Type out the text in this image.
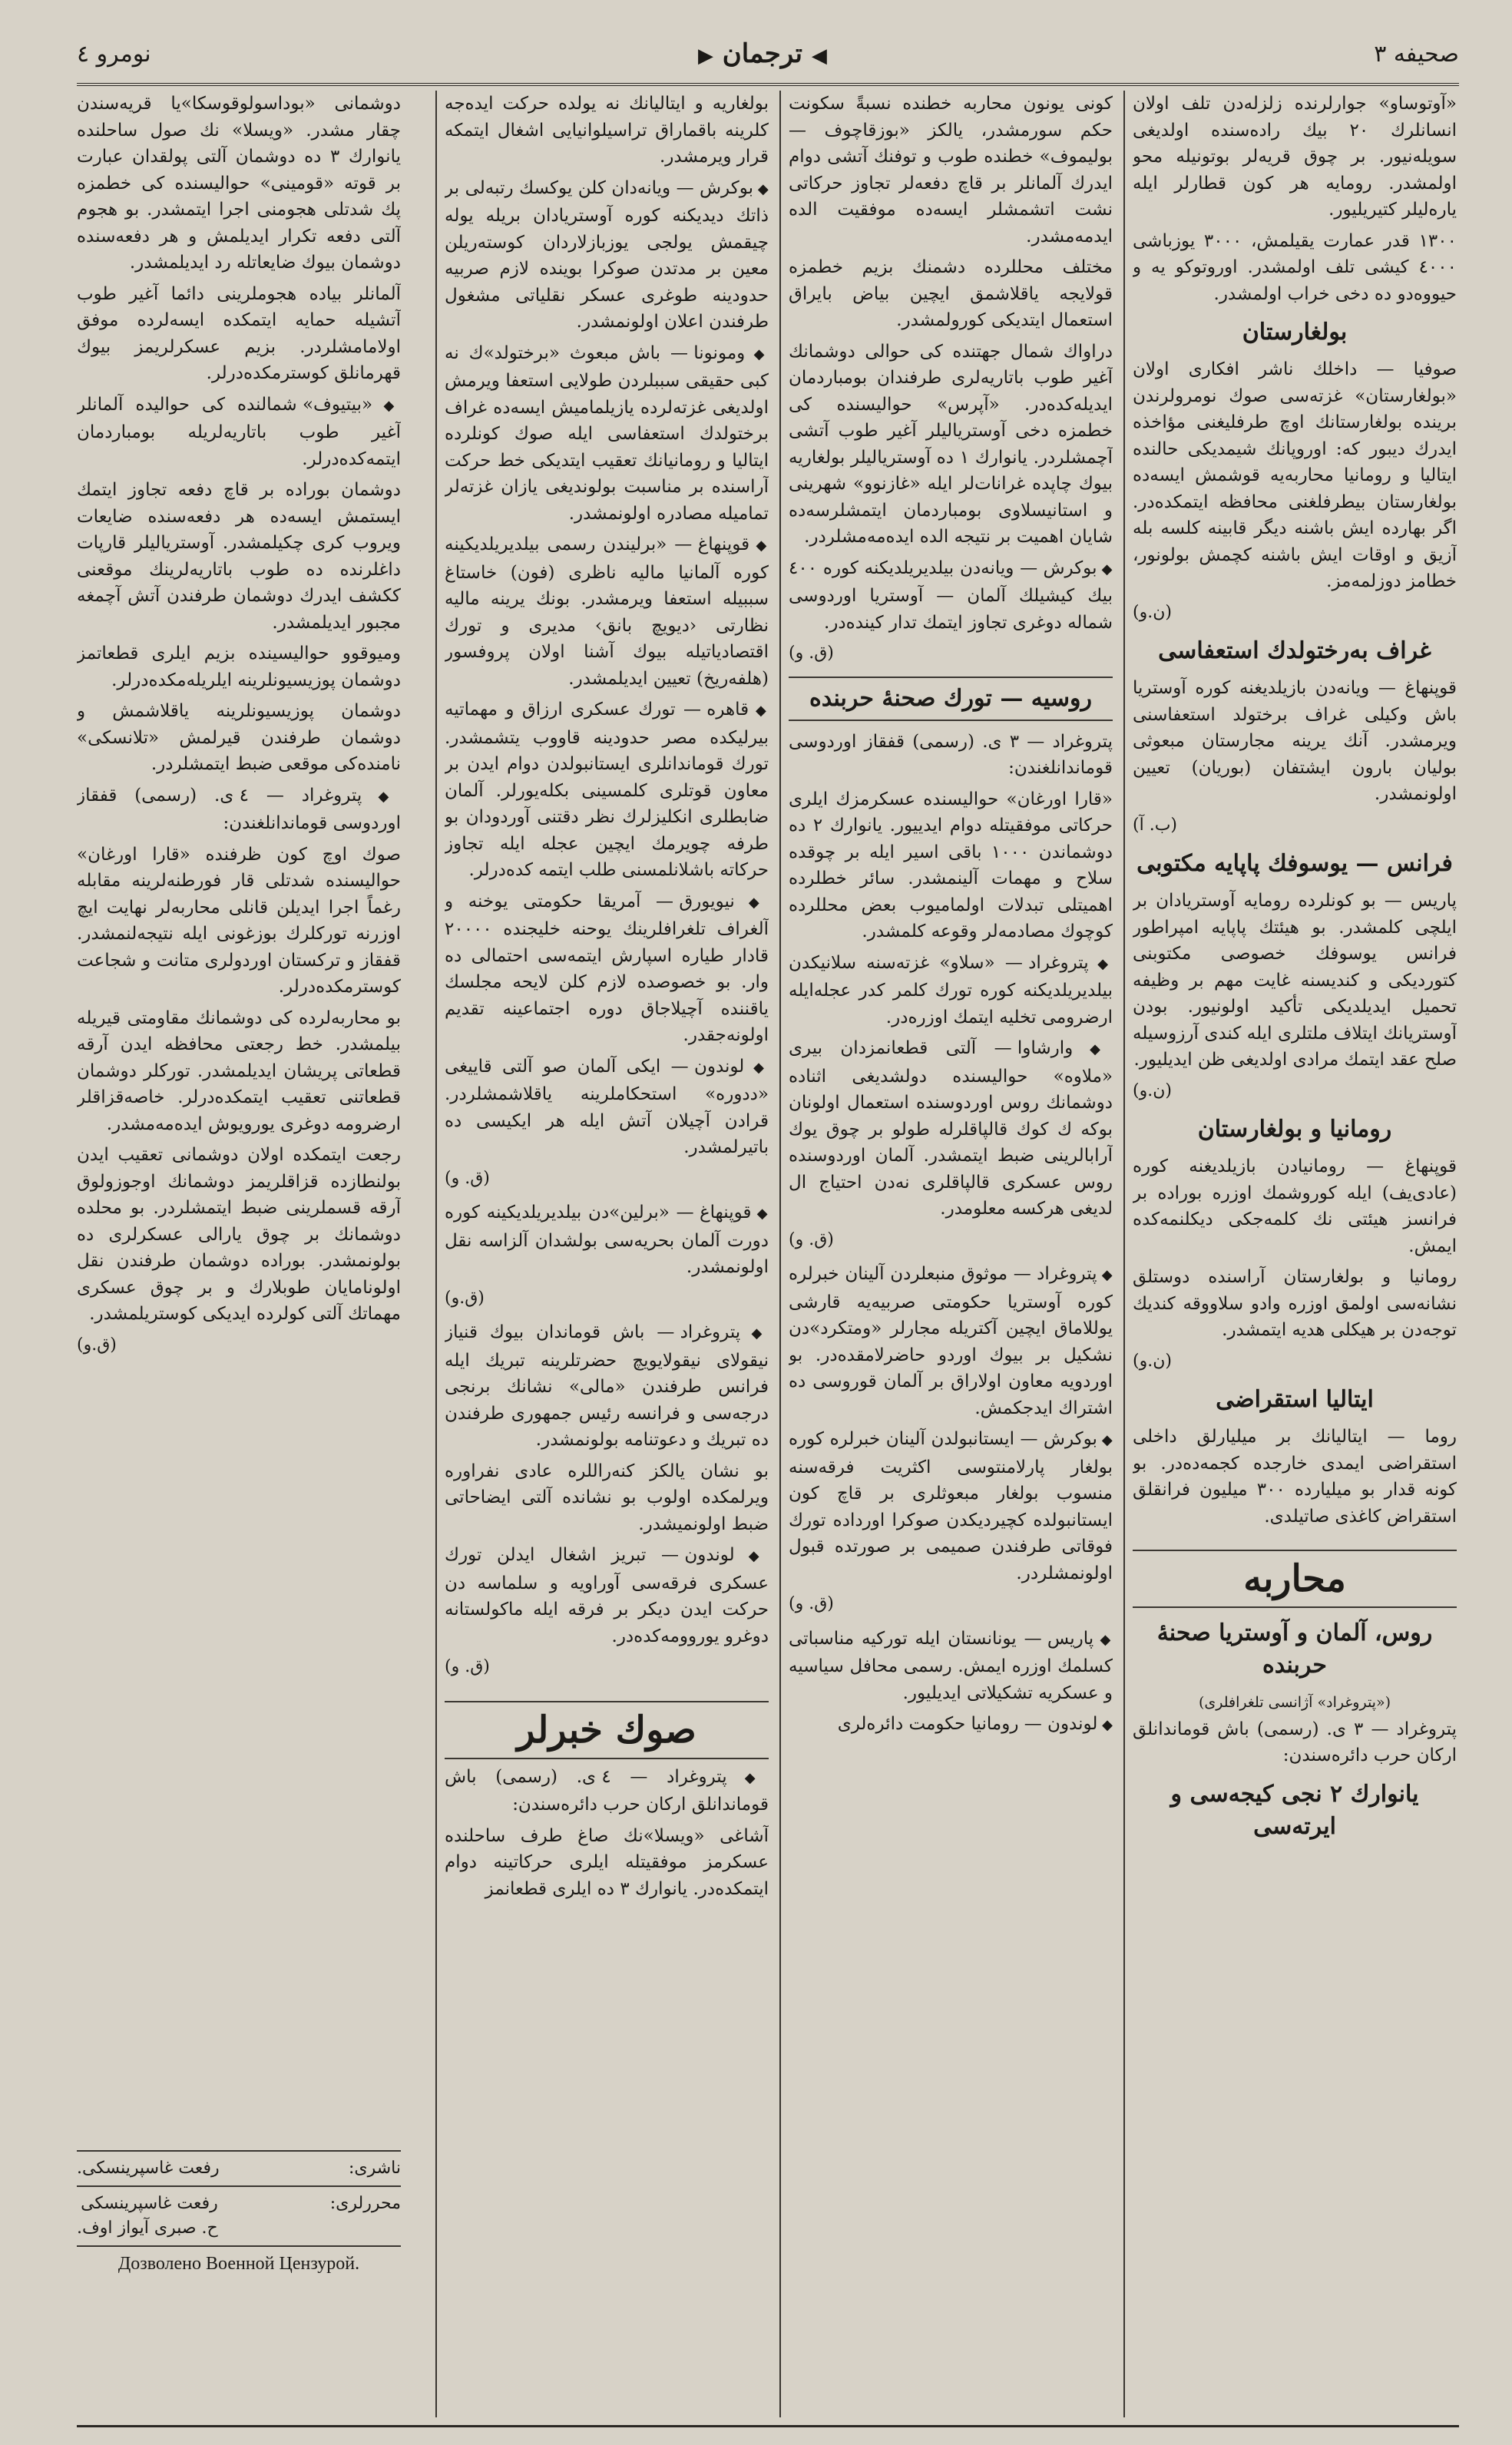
صحیفه ٣
◀ ترجمان ▶
نومرو ٤

«آوتوساو» جوارلرنده زلزله‌دن تلف اولان انسانلرك ٢٠ بیك راده‌سنده اولدیغی سویله‌نیور. بر چوق قریه‌لر بوتونیله محو اولمشدر. رومایه هر کون قطارلر ایله یاره‌لیلر کتیریلیور.

١٣٠٠ قدر عمارت یقیلمش، ٣٠٠٠ یوزباشی ٤٠٠٠ کیشی تلف اولمشدر. اوروتوکو یه و حیووه‌دو ده دخی خراب اولمشدر.

بولغارستان

صوفیا — داخلك ناشر افکاری اولان «بولغارستان» غزته‌سی صوك نومرولرندن برینده بولغارستانك اوچ طرفلیغنی مؤاخذه ایدرك دیبور که: اوروپانك شیمدیکی حالنده ایتالیا و رومانیا محاربه‌یه قوشمش ایسه‌ده بولغارستان بیطرفلغنی محافظه ایتمکده‌در. اگر بهارده ایش باشنه دیگر قابینه کلسه بله آزیق و اوقات ایش باشنه کچمش بولونور، خطامز دوزلمه‌مز.

(ن.و)
غراف بەرختولدك استعفاسی

قوپنهاغ — ویانه‌دن بازیلدیغنه کوره آوستریا باش وکیلی غراف برختولد استعفاسنی ویرمشدر. آنك یرینه مجارستان مبعوثی بولیان بارون ایشتفان (بوریان) تعیین اولونمشدر.

(ب. آ)
فرانس — یوسوفك پاپایه مکتوبی

پاریس — بو کونلرده رومایه آوستریادان بر ایلچی کلمشدر. بو هیئتك پاپایه امپراطور فرانس یوسوفك خصوصی مکتوبنی کتوردیکی و کندیسنه غایت مهم بر وظیفه تحمیل ایدیلدیکی تأکید اولونیور. بودن آوستریانك ایتلاف ملتلری ایله کندی آرزوسیله صلح عقد ایتمك مرادی اولدیغی ظن ایدیلیور.

(ن.و)
رومانیا و بولغارستان

قوپنهاغ — رومانیادن بازیلدیغنه کوره (عادی‌یف) ایله کوروشمك اوزره بوراده بر فرانسز هیئتی نك کلمه‌جکی دیکلنمه‌کده ایمش.

رومانیا و بولغارستان آراسنده دوستلق نشانه‌سی اولمق اوزره وادو سلاووقه کندیك توجه‌دن بر هیکلی هدیه ایتمشدر.

(ن.و)
ایتالیا استقراضی

روما — ایتالیانك بر میلیارلق داخلی استقراضی ایمدی خارجده کجمه‌ده‌در. بو کونه قدار بو میلیارده ٣٠٠ میلیون فرانقلق استقراض کاغذی صاتیلدی.

محاربه
روس، آلمان و آوستریا صحنهٔ حربنده
(«پتروغراد» آژانسی تلغرافلری)

پتروغراد — ٣ ی. (رسمی) باش قوماندانلق ارکان حرب دائره‌سندن:

یانوارك ٢ نجی کیجه‌سی و ایرته‌سی

کونی یونون محاربه خطنده نسبةً سکونت حکم سورمشدر، یالکز «بوزقاچوف — بولیموف» خطنده طوب و توفنك آتشی دوام ایدرك آلمانلر بر قاچ دفعه‌لر تجاوز حرکاتی نشت اتشمشلر ایسه‌ده موفقیت الده ایدمه‌مشدر.

مختلف محللرده دشمنك بزیم خطمزه قولایجه یاقلاشمق ایچین بیاض بایراق استعمال ایتدیکی کورولمشدر.

دراواك شمال جهتنده کی حوالی دوشمانك آغیر طوب باتاریه‌لری طرفندان بومباردمان ایدیله‌کده‌در. «آپرس» حوالیسنده کی خطمزه دخی آوستریالیلر آغیر طوب آتشی آچمشلردر. یانوارك ١ ده آوستریالیلر بولغاریه بیوك چاپده غرانات‌لر ایله «غازنوو» شهرینی و استانیسلاوی بومباردمان ایتمشلرسه‌ده شایان اهمیت بر نتیجه الده ایده‌مه‌مشلردر.

◆ بوکرش — ویانه‌دن بیلدیریلدیکنه کوره ٤٠٠ بیك کیشیلك آلمان — آوستریا اوردوسی شماله دوغری تجاوز ایتمك تدار کینده‌در.

(ق. و)
روسیه — تورك صحنهٔ حربنده

پتروغراد — ٣ ی. (رسمی) قفقاز اوردوسی قوماندانلغندن:

«قارا اورغان» حوالیسنده عسکرمزك ایلری حرکاتی موفقیتله دوام ایدییور. یانوارك ٢ ده دوشماندن ١٠٠٠ باقی اسیر ایله بر چوقده سلاح و مهمات آلینمشدر. سائر خطلرده اهمیتلی تبدلات اولمامیوب بعض محللرده کوچوك مصادمه‌لر وقوعه کلمشدر.

◆ پتروغراد — «سلاو» غزته‌سنه سلانیکدن بیلدیریلدیکنه کوره تورك کلمر کدر عجله‌ایله ارضرومی تخلیه ایتمك اوزره‌در.

◆ وارشاوا — آلتی قطعانمزدان بیری «ملاوه» حوالیسنده دولشدیغی اثناده دوشمانك روس اوردوسنده استعمال اولونان بوکه ك کوك قالپاقلرله طولو بر چوق یوك آرابالرینی ضبط ایتمشدر. آلمان اوردوسنده روس عسکری قالپاقلری نه‌دن احتیاج ال لدیغی هرکسه معلومدر.

(ق. و)

◆ پتروغراد — موثوق منبعلردن آلینان خبرلره کوره آوستریا حکومتی صربیه‌یه قارشی یوللاماق ایچین آکتریله مجارلر «ومتکرد»دن نشکیل بر بیوك اوردو حاضرلامقده‌در. بو اوردویه معاون اولاراق بر آلمان قوروسی ده اشتراك ایدجکمش.

◆ بوکرش — ایستانبولدن آلینان خبرلره کوره بولغار پارلامنتوسی اکثریت فرقه‌سنه منسوب بولغار مبعوثلری بر قاچ کون ایستانبولده کچیردیکدن صوکرا اورداده تورك فوقاتی طرفندن صمیمی بر صورتده قبول اولونمشلردر.

(ق. و)

◆ پاریس — یونانستان ایله تورکیه مناسباتی کسلمك اوزره ایمش. رسمی محافل سیاسیه و عسکریه تشکیلاتی ایدیلیور.

◆ لوندون — رومانیا حکومت دائره‌لری

بولغاریه و ایتالیانك نه یولده حرکت ایده‌جه کلرینه باقماراق تراسیلوانیایی اشغال ایتمکه قرار ویرمشدر.

◆ بوکرش — ویانه‌دان کلن یوکسك رتبه‌لی بر ذاتك دیدیکنه کوره آوستریادان بریله یوله چیقمش یولجی یوزبازلاردان کوسته‌ریلن معین بر مدتدن صوکرا بوینده لازم صربیه حدودینه طوغری عسکر نقلیاتی مشغول طرفندن اعلان اولونمشدر.

◆ ومونونا — باش مبعوث «برختولد»ك نه کبی حقیقی سببلردن طولایی استعفا ویرمش اولدیغی غزته‌لرده یازیلمامیش ایسه‌ده غراف برختولدك استعفاسی ایله صوك کونلرده ایتالیا و رومانیانك تعقیب ایتدیکی خط حرکت آراسنده بر مناسبت بولوندیغی یازان غزته‌لر تمامیله مصادره اولونمشدر.

◆ قوپنهاغ — «برلیندن رسمی بیلدیریلدیکینه کوره آلمانیا مالیه ناظری (فون) خاستاغ سببیله استعفا ویرمشدر. بونك یرینه مالیه نظارتی ‹دیویچ بانق› مدیری و تورك اقتصادیاتیله بیوك آشنا اولان پروفسور (هلفه‌ریخ) تعیین ایدیلمشدر.

◆ قاهره — تورك عسکری ارزاق و مهماتیه بیرلیکده مصر حدودینه قاووب یتشمشدر. تورك قوماندانلری ایستانبولدن دوام ایدن بر معاون قوتلری کلمسینی بکله‌یورلر. آلمان ضابطلری انکلیزلرك نظر دقتنی آوردودان بو طرفه چویرمك ایچین عجله ایله تجاوز حرکاته باشلانلمسنی طلب ایتمه کده‌درلر.

◆ نیویورق — آمریقا حکومتی یوخنه و آلغراف تلغرافلرینك یوحنه خلیجنده ٢٠٠٠٠ قادار طیاره اسپارش ایتمه‌سی احتمالی ده وار. بو خصوصده لازم کلن لایحه مجلسك یاقننده آچیلاجاق دوره اجتماعینه تقدیم اولونه‌جقدر.

◆ لوندون — ایکی آلمان صو آلتی قاییغی «ددوره» استحکاملرینه یاقلاشمشلردر. قرادن آچیلان آتش ایله هر ایکیسی ده باتیرلمشدر.

(ق. و)

◆ قوپنهاغ — «برلین»دن بیلدیریلدیکینه کوره دورت آلمان بحریه‌سی بولشدان آلزاسه نقل اولونمشدر.

(ق.و)

◆ پتروغراد — باش قوماندان بیوك قنیاز نیقولای نیقولایویچ حضرتلرینه تبریك ایله فرانس طرفندن «مالی» نشانك برنجی درجه‌سی و فرانسه رئیس جمهوری طرفندن ده تبریك و دعوتنامه بولونمشدر.

بو نشان یالکز کنه‌راللره عادی نفراوره ویرلمکده اولوب بو نشانده آلتی ایضاحاتی ضبط اولونمیشدر.

◆ لوندون — تبریز اشغال ایدلن تورك عسکری فرقه‌سی آوراویه و سلماسه دن حرکت ایدن دیکر بر فرقه ایله ماکولستانه دوغرو یوروومه‌کده‌در.

(ق. و)
صوك خبرلر

◆ پتروغراد — ٤ ی. (رسمی) باش قوماندانلق ارکان حرب دائره‌سندن:

آشاغی «ویسلا»نك صاغ طرف ساحلنده عسکرمز موفقیتله ایلری حرکاتینه دوام ایتمکده‌در. یانوارك ٣ ده ایلری قطعانمز

دوشمانی «بوداسولوقوسکا»یا قریه‌سندن چقار مشدر. «ویسلا» نك صول ساحلنده یانوارك ٣ ده دوشمان آلتی پولقدان عبارت بر قوته «قومینی» حوالیسنده کی خطمزه پك شدتلی هجومنی اجرا ایتمشدر. بو هجوم آلتی دفعه تکرار ایدیلمش و هر دفعه‌سنده دوشمان بیوك ضایعاتله رد ایدیلمشدر.

آلمانلر بیاده هجوملرینی دائما آغیر طوب آتشیله حمایه ایتمکده ایسه‌لرده موفق اولامامشلردر. بزیم عسکرلریمز بیوك قهرمانلق کوسترمکده‌درلر.

◆ «بیتیوف» شمالنده کی حوالیده آلمانلر آغیر طوب باتاریه‌لریله بومباردمان ایتمه‌کده‌درلر.

دوشمان بوراده بر قاچ دفعه تجاوز ایتمك ایستمش ایسه‌ده هر دفعه‌سنده ضایعات ویروب کری چکیلمشدر. آوستریالیلر قارپات داغلرنده ده طوب باتاریه‌لرینك موقعنی ککشف ایدرك دوشمان طرفندن آتش آچمغه مجبور ایدیلمشدر.

ومیوقوو حوالیسینده بزیم ایلری قطعاتمز دوشمان پوزیسیونلرینه ایلریله‌مکده‌درلر.

دوشمان پوزیسیونلرینه یاقلاشمش و دوشمان طرفندن قیرلمش «تلانسکی» نامنده‌کی موقعی ضبط ایتمشلردر.

◆ پتروغراد — ٤ ی. (رسمی) قفقاز اوردوسی قوماندانلغندن:

صوك اوچ کون ظرفنده «قارا اورغان» حوالیسنده شدتلی قار فورطنه‌لرینه مقابله رغماً اجرا ایدیلن قانلی محاربه‌لر نهایت ایچ اوزرنه تورکلرك بوزغونی ایله نتیجه‌لنمشدر. قفقاز و ترکستان اوردولری متانت و شجاعت کوسترمکده‌درلر.

بو محاربه‌لرده کی دوشمانك مقاومتی قیریله بیلمشدر. خط رجعتی محافظه ایدن آرقه قطعاتی پریشان ایدیلمشدر. تورکلر دوشمان قطعاتنی تعقیب ایتمکده‌درلر. خاصه‌قزاقلر ارضرومه دوغری یورویوش ایده‌مه‌مشدر.

رجعت ایتمکده اولان دوشمانی تعقیب ایدن بولنطازده قزاقلریمز دوشمانك اوجوزولوق آرقه قسملرینی ضبط ایتمشلردر. بو محلده دوشمانك بر چوق یارالی عسکرلری ده بولونمشدر. بوراده دوشمان طرفندن نقل اولونامایان طوبلارك و بر چوق عسکری مهماتك آلتی کولرده ایدیکی کوستریلمشدر.

(ق.و)
ناشری:
رفعت غاسپرینسکی.
محررلری:
رفعت غاسپرینسکی
ح. صبری آیواز اوف.
Дозволено Военной Цензурой.
